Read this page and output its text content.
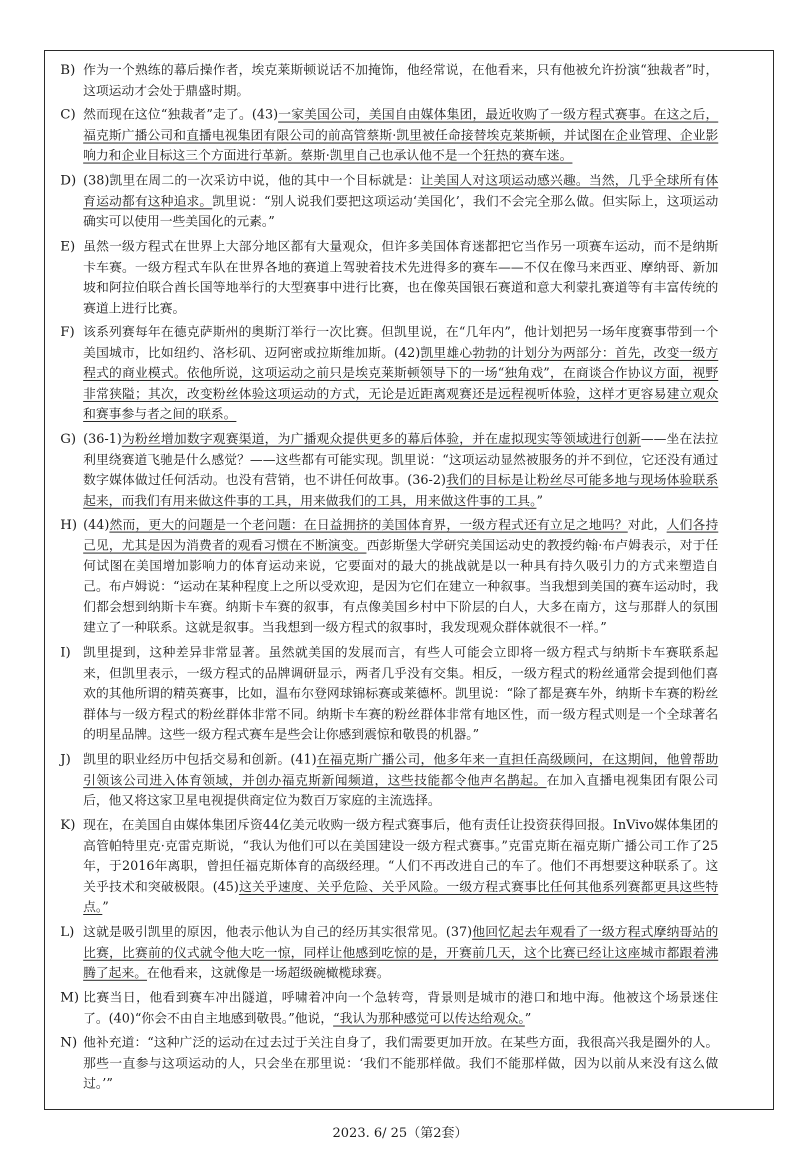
B) 作为一个熟练的幕后操作者，埃克莱斯顿说话不加掩饰，他经常说，在他看来，只有他被允许扮演“独裁者”时，这项运动才会处于鼎盛时期。
C) 然而现在这位“独裁者”走了。(43)一家美国公司，美国自由媒体集团，最近收购了一级方程式赛事。在这之后，福克斯广播公司和直播电视集团有限公司的前高管蔡斯·凯里被任命接替埃克莱斯顿，并试图在企业管理、企业影响力和企业目标这三个方面进行革新。蔡斯·凯里自己也承认他不是一个狂热的赛车迷。
D) (38)凯里在周二的一次采访中说，他的其中一个目标就是：让美国人对这项运动感兴趣。当然，几乎全球所有体育运动都有这种追求。凯里说：“别人说我们要把这项运动‘美国化’，我们不会完全那么做。但实际上，这项运动确实可以使用一些美国化的元素。”
E) 虽然一级方程式在世界上大部分地区都有大量观众，但许多美国体育迷都把它当作另一项赛车运动，而不是纳斯卡车赛。一级方程式车队在世界各地的赛道上驾驶着技术先进得多的赛车——不仅在像马来西亚、摩纳哥、新加坡和阿拉伯联合酋长国等地举行的大型赛事中进行比赛，也在像英国银石赛道和意大利蒙扎赛道等有丰富传统的赛道上进行比赛。
F) 该系列赛每年在德克萨斯州的奥斯汀举行一次比赛。但凯里说，在“几年内”，他计划把另一场年度赛事带到一个美国城市，比如纽约、洛杉矶、迈阿密或拉斯维加斯。(42)凯里雄心勃勃的计划分为两部分：首先，改变一级方程式的商业模式。依他所说，这项运动之前只是埃克莱斯顿领导下的一场“独角戏”，在商谈合作协议方面，视野非常狭隘；其次，改变粉丝体验这项运动的方式，无论是近距离观赛还是远程视听体验，这样才更容易建立观众和赛事参与者之间的联系。
G) (36-1)为粉丝增加数字观赛渠道，为广播观众提供更多的幕后体验，并在虚拟现实等领域进行创新——坐在法拉利里绕赛道飞驰是什么感觉？——这些都有可能实现。凯里说：“这项运动显然被服务的并不到位，它还没有通过数字媒体做过任何活动。也没有营销，也不讲任何故事。(36-2)我们的目标是让粉丝尽可能多地与现场体验联系起来，而我们有用来做这件事的工具，用来做我们的工具，用来做这件事的工具。”
H) (44)然而，更大的问题是一个老问题：在日益拥挤的美国体育界，一级方程式还有立足之地吗？对此，人们各持己见，尤其是因为消费者的观看习惯在不断演变。西彭斯堡大学研究美国运动史的教授约翰·布卢姆表示，对于任何试图在美国增加影响力的体育运动来说，它要面对的最大的挑战就是以一种具有持久吸引力的方式来塑造自己。布卢姆说：“运动在某种程度上之所以受欢迎，是因为它们在建立一种叙事。当我想到美国的赛车运动时，我们都会想到纳斯卡车赛。纳斯卡车赛的叙事，有点像美国乡村中下阶层的白人，大多在南方，这与那群人的氛围建立了一种联系。这就是叙事。当我想到一级方程式的叙事时，我发现观众群体就很不一样。”
I) 凯里提到，这种差异非常显著。虽然就美国的发展而言，有些人可能会立即将一级方程式与纳斯卡车赛联系起来，但凯里表示，一级方程式的品牌调研显示，两者几乎没有交集。相反，一级方程式的粉丝通常会提到他们喜欢的其他所谓的精英赛事，比如，温布尔登网球锦标赛或莱德杯。凯里说：“除了都是赛车外，纳斯卡车赛的粉丝群体与一级方程式的粉丝群体非常不同。纳斯卡车赛的粉丝群体非常有地区性，而一级方程式则是一个全球著名的明星品牌。这些一级方程式赛车是些会让你感到震惊和敬畏的机器。”
J) 凯里的职业经历中包括交易和创新。(41)在福克斯广播公司，他多年来一直担任高级顾问，在这期间，他曾帮助引领该公司进入体育领域，并创办福克斯新闻频道，这些技能都令他声名鹊起。在加入直播电视集团有限公司后，他又将这家卫星电视提供商定位为数百万家庭的主流选择。
K) 现在，在美国自由媒体集团斥资44亿美元收购一级方程式赛事后，他有责任让投资获得回报。InVivo媒体集团的高管帕特里克·克雷克斯说，“我认为他们可以在美国建设一级方程式赛事。”克雷克斯在福克斯广播公司工作了25年，于2016年离职，曾担任福克斯体育的高级经理。“人们不再改进自己的车了。他们不再想要这种联系了。这关乎技术和突破极限。(45)这关乎速度、关乎危险、关乎风险。一级方程式赛事比任何其他系列赛都更具这些特点。”
L) 这就是吸引凯里的原因，他表示他认为自己的经历其实很常见。(37)他回忆起去年观看了一级方程式摩纳哥站的比赛，比赛前的仪式就令他大吃一惊，同样让他感到吃惊的是，开赛前几天，这个比赛已经让这座城市都跟着沸腾了起来。在他看来，这就像是一场超级碗橄榄球赛。
M) 比赛当日，他看到赛车冲出隧道，呼啸着冲向一个急转弯，背景则是城市的港口和地中海。他被这个场景迷住了。(40)“你会不由自主地感到敬畏。”他说，“我认为那种感觉可以传达给观众。”
N) 他补充道：“这种广泛的运动在过去过于关注自身了，我们需要更加开放。在某些方面，我很高兴我是圈外的人。那些一直参与这项运动的人，只会坐在那里说：‘我们不能那样做。我们不能那样做，因为以前从来没有这么做过。’”
2023. 6/ 25（第2套）
